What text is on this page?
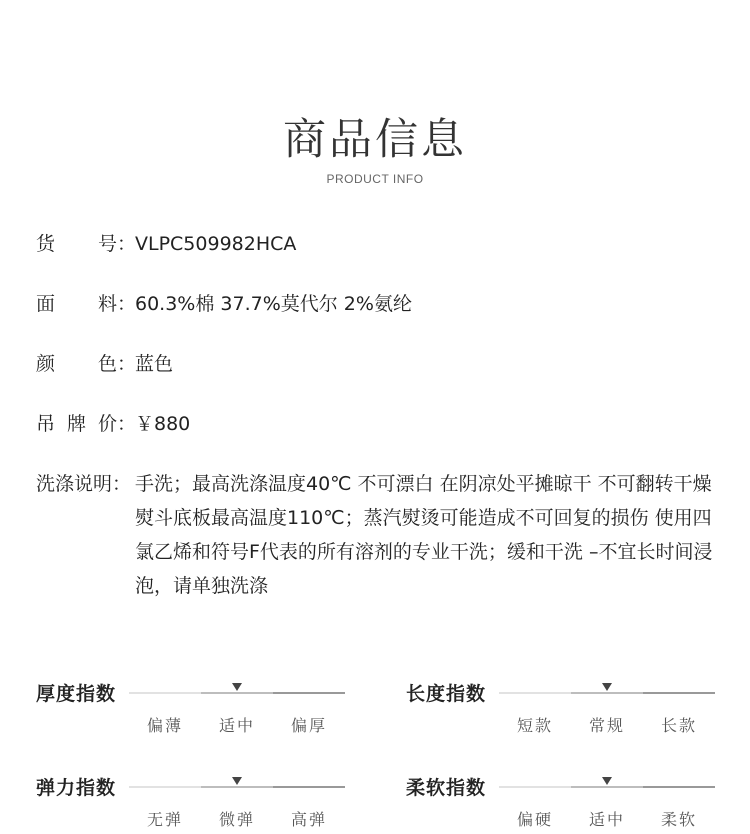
商品信息
PRODUCT INFO
货 号： VLPC509982HCA
面 料： 60.3%棉 37.7%莫代尔 2%氨纶
颜 色： 蓝色
吊 牌 价： ￥880
洗涤说明： 手洗；最高洗涤温度40℃ 不可漂白 在阴凉处平摊晾干 不可翻转干燥 熨斗底板最高温度110℃；蒸汽熨烫可能造成不可回复的损伤 使用四氯乙烯和符号F代表的所有溶剂的专业干洗；缓和干洗 –不宜长时间浸泡，请单独洗涤
厚度指数
偏薄	适中	偏厚
长度指数
短款	常规	长款
弹力指数
无弹	微弹	高弹
柔软指数
偏硬	适中	柔软
